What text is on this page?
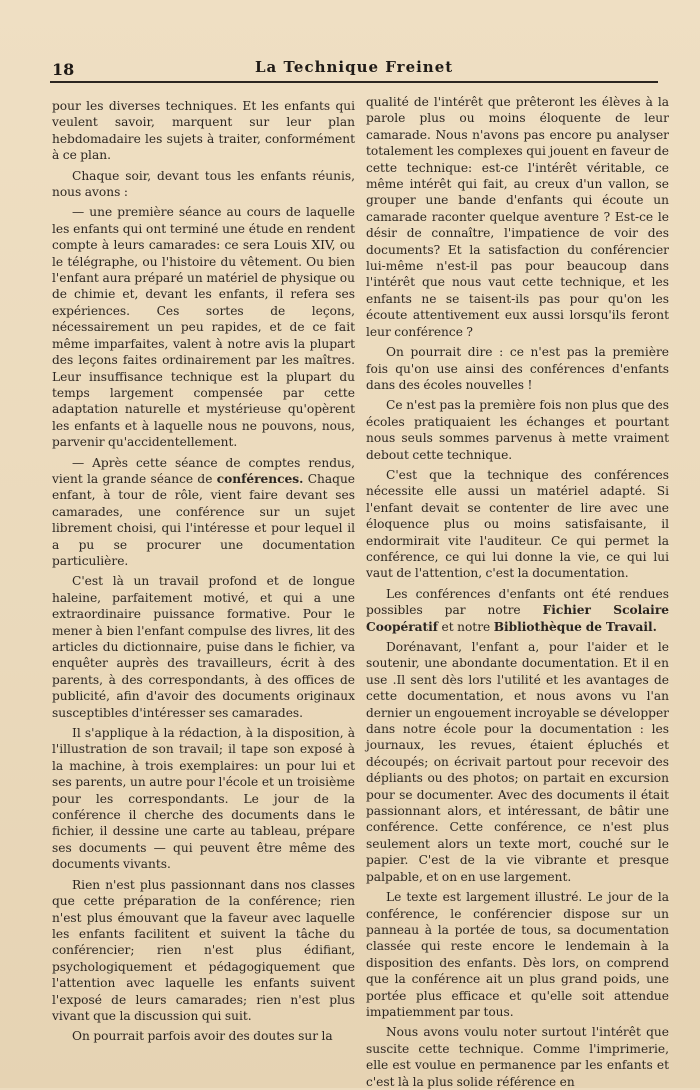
18	La Technique Freinet

pour les diverses techniques. Et les enfants qui veulent savoir, marquent sur leur plan hebdomadaire les sujets à traiter, conformément à ce plan.

Chaque soir, devant tous les enfants réunis, nous avons :

— une première séance au cours de laquelle les enfants qui ont terminé une étude en rendent compte à leurs camarades: ce sera Louis XIV, ou le télégraphe, ou l'histoire du vêtement. Ou bien l'enfant aura préparé un matériel de physique ou de chimie et, devant les enfants, il refera ses expériences. Ces sortes de leçons, nécessairement un peu rapides, et de ce fait même imparfaites, valent à notre avis la plupart des leçons faites ordinairement par les maîtres. Leur insuffisance technique est la plupart du temps largement compensée par cette adaptation naturelle et mystérieuse qu'opèrent les enfants et à laquelle nous ne pouvons, nous, parvenir qu'accidentellement.

— Après cette séance de comptes rendus, vient la grande séance de conférences. Chaque enfant, à tour de rôle, vient faire devant ses camarades, une conférence sur un sujet librement choisi, qui l'intéresse et pour lequel il a pu se procurer une documentation particulière.

C'est là un travail profond et de longue haleine, parfaitement motivé, et qui a une extraordinaire puissance formative. Pour le mener à bien l'enfant compulse des livres, lit des articles du dictionnaire, puise dans le fichier, va enquêter auprès des travailleurs, écrit à des parents, à des correspondants, à des offices de publicité, afin d'avoir des documents originaux susceptibles d'intéresser ses camarades.

Il s'applique à la rédaction, à la disposition, à l'illustration de son travail; il tape son exposé à la machine, à trois exemplaires: un pour lui et ses parents, un autre pour l'école et un troisième pour les correspondants. Le jour de la conférence il cherche des documents dans le fichier, il dessine une carte au tableau, prépare ses documents — qui peuvent être même des documents vivants.

Rien n'est plus passionnant dans nos classes que cette préparation de la conférence; rien n'est plus émouvant que la faveur avec laquelle les enfants facilitent et suivent la tâche du conférencier; rien n'est plus édifiant, psychologiquement et pédagogiquement que l'attention avec laquelle les enfants suivent l'exposé de leurs camarades; rien n'est plus vivant que la discussion qui suit.

On pourrait parfois avoir des doutes sur la

qualité de l'intérêt que prêteront les élèves à la parole plus ou moins éloquente de leur camarade. Nous n'avons pas encore pu analyser totalement les complexes qui jouent en faveur de cette technique: est-ce l'intérêt véritable, ce même intérêt qui fait, au creux d'un vallon, se grouper une bande d'enfants qui écoute un camarade raconter quelque aventure ? Est-ce le désir de connaître, l'impatience de voir des documents? Et la satisfaction du conférencier lui-même n'est-il pas pour beaucoup dans l'intérêt que nous vaut cette technique, et les enfants ne se taisent-ils pas pour qu'on les écoute attentivement eux aussi lorsqu'ils feront leur conférence ?

On pourrait dire : ce n'est pas la première fois qu'on use ainsi des conférences d'enfants dans des écoles nouvelles !

Ce n'est pas la première fois non plus que des écoles pratiquaient les échanges et pourtant nous seuls sommes parvenus à mette vraiment debout cette technique.

C'est que la technique des conférences nécessite elle aussi un matériel adapté. Si l'enfant devait se contenter de lire avec une éloquence plus ou moins satisfaisante, il endormirait vite l'auditeur. Ce qui permet la conférence, ce qui lui donne la vie, ce qui lui vaut de l'attention, c'est la documentation.

Les conférences d'enfants ont été rendues possibles par notre Fichier Scolaire Coopératif et notre Bibliothèque de Travail.

Dorénavant, l'enfant a, pour l'aider et le soutenir, une abondante documentation. Et il en use .Il sent dès lors l'utilité et les avantages de cette documentation, et nous avons vu l'an dernier un engouement incroyable se développer dans notre école pour la documentation : les journaux, les revues, étaient épluchés et découpés; on écrivait partout pour recevoir des dépliants ou des photos; on partait en excursion pour se documenter. Avec des documents il était passionnant alors, et intéressant, de bâtir une conférence. Cette conférence, ce n'est plus seulement alors un texte mort, couché sur le papier. C'est de la vie vibrante et presque palpable, et on en use largement.

Le texte est largement illustré. Le jour de la conférence, le conférencier dispose sur un panneau à la portée de tous, sa documentation classée qui reste encore le lendemain à la disposition des enfants. Dès lors, on comprend que la conférence ait un plus grand poids, une portée plus efficace et qu'elle soit attendue impatiemment par tous.

Nous avons voulu noter surtout l'intérêt que suscite cette technique. Comme l'imprimerie, elle est voulue en permanence par les enfants et c'est là la plus solide référence en
